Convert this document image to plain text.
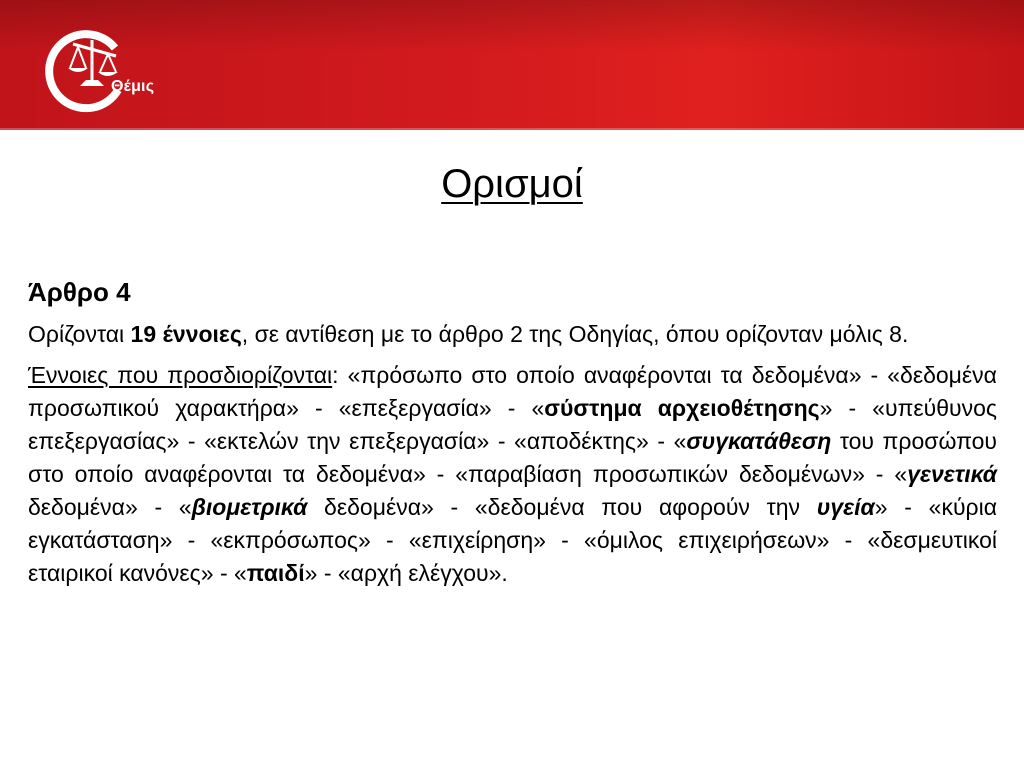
Θέμις
Ορισμοί
Άρθρο 4

Ορίζονται 19 έννοιες, σε αντίθεση με το άρθρο 2 της Οδηγίας, όπου ορίζονταν μόλις 8.

Έννοιες που προσδιορίζονται: «πρόσωπο στο οποίο αναφέρονται τα δεδομένα» - «δεδομένα προσωπικού χαρακτήρα» - «επεξεργασία» - «σύστημα αρχειοθέτησης» - «υπεύθυνος επεξεργασίας» - «εκτελών την επεξεργασία» - «αποδέκτης» - «συγκατάθεση του προσώπου στο οποίο αναφέρονται τα δεδομένα» - «παραβίαση προσωπικών δεδομένων» - «γενετικά δεδομένα» - «βιομετρικά δεδομένα» - «δεδομένα που αφορούν την υγεία» - «κύρια εγκατάσταση» - «εκπρόσωπος» - «επιχείρηση» - «όμιλος επιχειρήσεων» - «δεσμευτικοί εταιρικοί κανόνες» - «παιδί» - «αρχή ελέγχου».
